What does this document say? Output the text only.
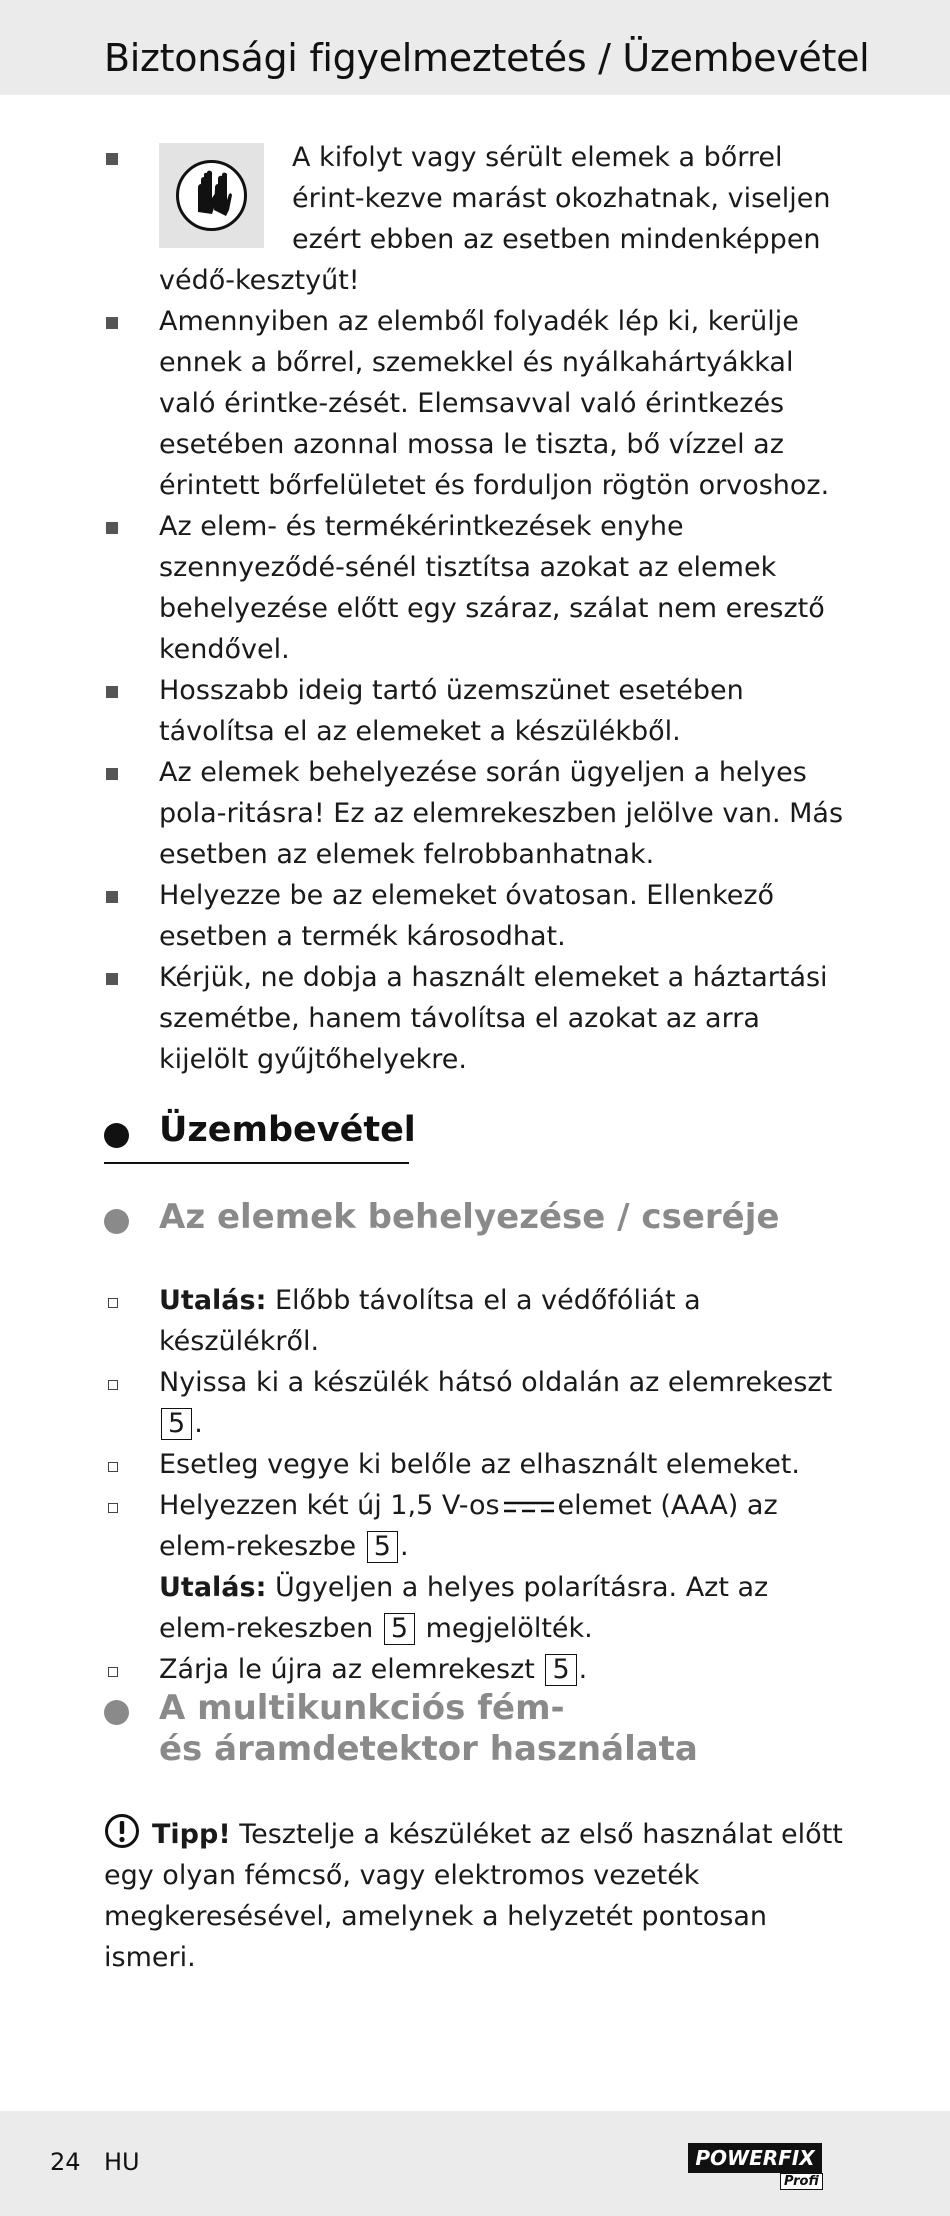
Biztonsági figyelmeztetés / Üzembevétel
A kifolyt vagy sérült elemek a bőrrel érint-kezve marást okozhatnak, viseljen ezért ebben az esetben mindenképpen védő-kesztyűt!
Amennyiben az elemből folyadék lép ki, kerülje ennek a bőrrel, szemekkel és nyálkahártyákkal való érintke-zését. Elemsavval való érintkezés esetében azonnal mossa le tiszta, bő vízzel az érintett bőrfelületet és forduljon rögtön orvoshoz.
Az elem- és termékérintkezések enyhe szennyeződé-sénél tisztítsa azokat az elemek behelyezése előtt egy száraz, szálat nem eresztő kendővel.
Hosszabb ideig tartó üzemszünet esetében távolítsa el az elemeket a készülékből.
Az elemek behelyezése során ügyeljen a helyes pola-ritásra! Ez az elemrekeszben jelölve van. Más esetben az elemek felrobbanhatnak.
Helyezze be az elemeket óvatosan. Ellenkező esetben a termék károsodhat.
Kérjük, ne dobja a használt elemeket a háztartási szemétbe, hanem távolítsa el azokat az arra kijelölt gyűjtőhelyekre.
Üzembevétel
Az elemek behelyezése / cseréje
Utalás: Előbb távolítsa el a védőfóliát a készülékről.
Nyissa ki a készülék hátsó oldalán az elemrekeszt 5 .
Esetleg vegye ki belőle az elhasznált elemeket.
Helyezzen két új 1,5 V-os elemet (AAA) az elem-rekeszbe 5 .
Utalás: Ügyeljen a helyes polarításra. Azt az elem-rekeszben 5 megjelölték.
Zárja le újra az elemrekeszt 5 .
A multikunkciós fém-
és áramdetektor használata
Tipp! Tesztelje a készüléket az első használat előtt egy olyan fémcső, vagy elektromos vezeték megkeresésével, amelynek a helyzetét pontosan ismeri.
24 HU	POWERFIX
Profi
